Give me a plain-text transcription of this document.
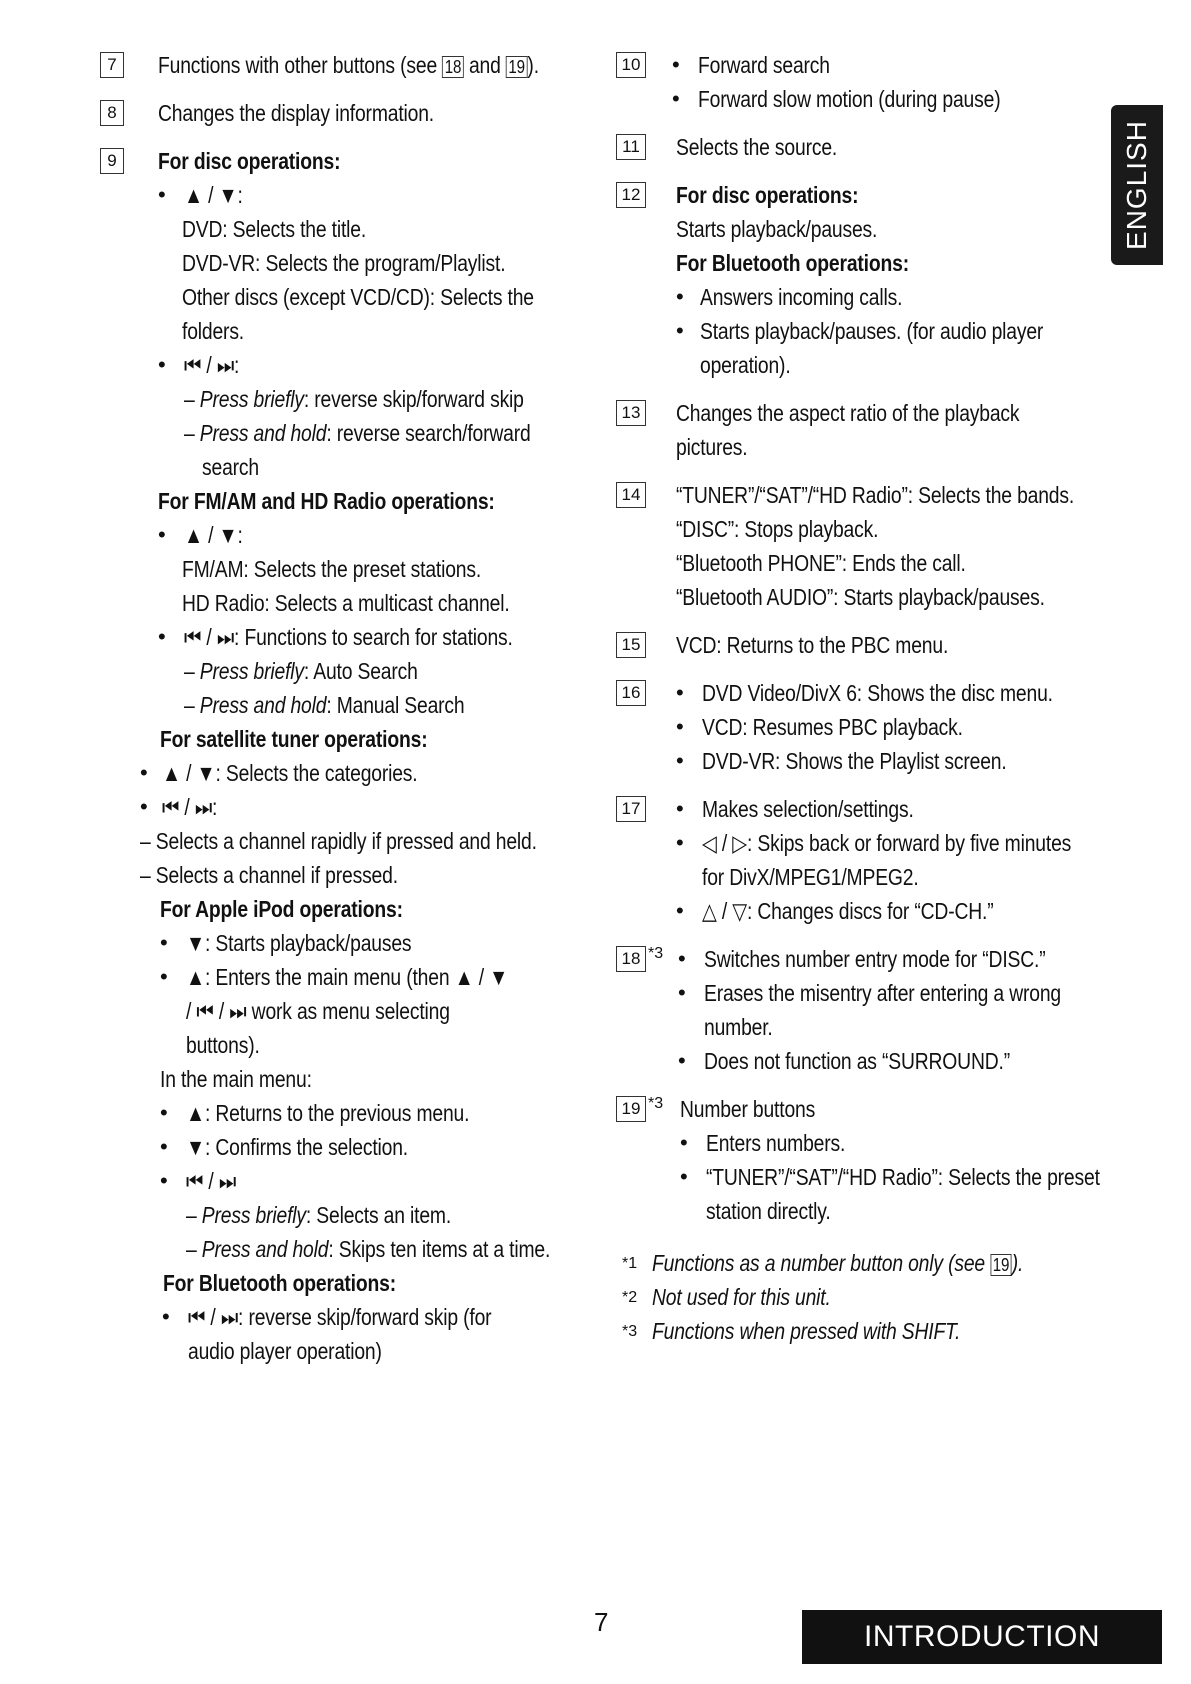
7	Functions with other buttons (see 18 and 19 ).
8	Changes the display information.
9	For disc operations:
• ▲ / ▼:
DVD: Selects the title.
DVD-VR: Selects the program/Playlist.
Other discs (except VCD/CD): Selects the
folders.
• ⏮ / ⏭:
– Press briefly: reverse skip/forward skip
– Press and hold: reverse search/forward
search
For FM/AM and HD Radio operations:
• ▲ / ▼:
FM/AM: Selects the preset stations.
HD Radio: Selects a multicast channel.
• ⏮ / ⏭: Functions to search for stations.
– Press briefly: Auto Search
– Press and hold: Manual Search
For satellite tuner operations:
• ▲ / ▼: Selects the categories.
• ⏮ / ⏭:
– Selects a channel rapidly if pressed and held.
– Selects a channel if pressed.
For Apple iPod operations:
• ▼: Starts playback/pauses
• ▲: Enters the main menu (then ▲ / ▼
/ ⏮ / ⏭ work as menu selecting
buttons).
In the main menu:
• ▲: Returns to the previous menu.
• ▼: Confirms the selection.
• ⏮ / ⏭
– Press briefly: Selects an item.
– Press and hold: Skips ten items at a time.
For Bluetooth operations:
• ⏮ / ⏭: reverse skip/forward skip (for
audio player operation)
10 • Forward search
• Forward slow motion (during pause)
11 Selects the source.
12 For disc operations:
Starts playback/pauses.
For Bluetooth operations:
• Answers incoming calls.
• Starts playback/pauses. (for audio player
operation).
13 Changes the aspect ratio of the playback
pictures.
14 “TUNER”/“SAT”/“HD Radio”: Selects the bands.
“DISC”: Stops playback.
“Bluetooth PHONE”: Ends the call.
“Bluetooth AUDIO”: Starts playback/pauses.
15 VCD: Returns to the PBC menu.
16 • DVD Video/DivX 6: Shows the disc menu.
• VCD: Resumes PBC playback.
• DVD-VR: Shows the Playlist screen.
17 • Makes selection/settings.
• ◁ / ▷: Skips back or forward by five minutes
for DivX/MPEG1/MPEG2.
• △ / ▽: Changes discs for “CD-CH.”
18 *3 • Switches number entry mode for “DISC.”
• Erases the misentry after entering a wrong
number.
• Does not function as “SURROUND.”
19 *3 Number buttons
• Enters numbers.
• “TUNER”/“SAT”/“HD Radio”: Selects the preset
station directly.
*1 Functions as a number button only (see 19 ).
*2 Not used for this unit.
*3 Functions when pressed with SHIFT.
ENGLISH
7	INTRODUCTION
